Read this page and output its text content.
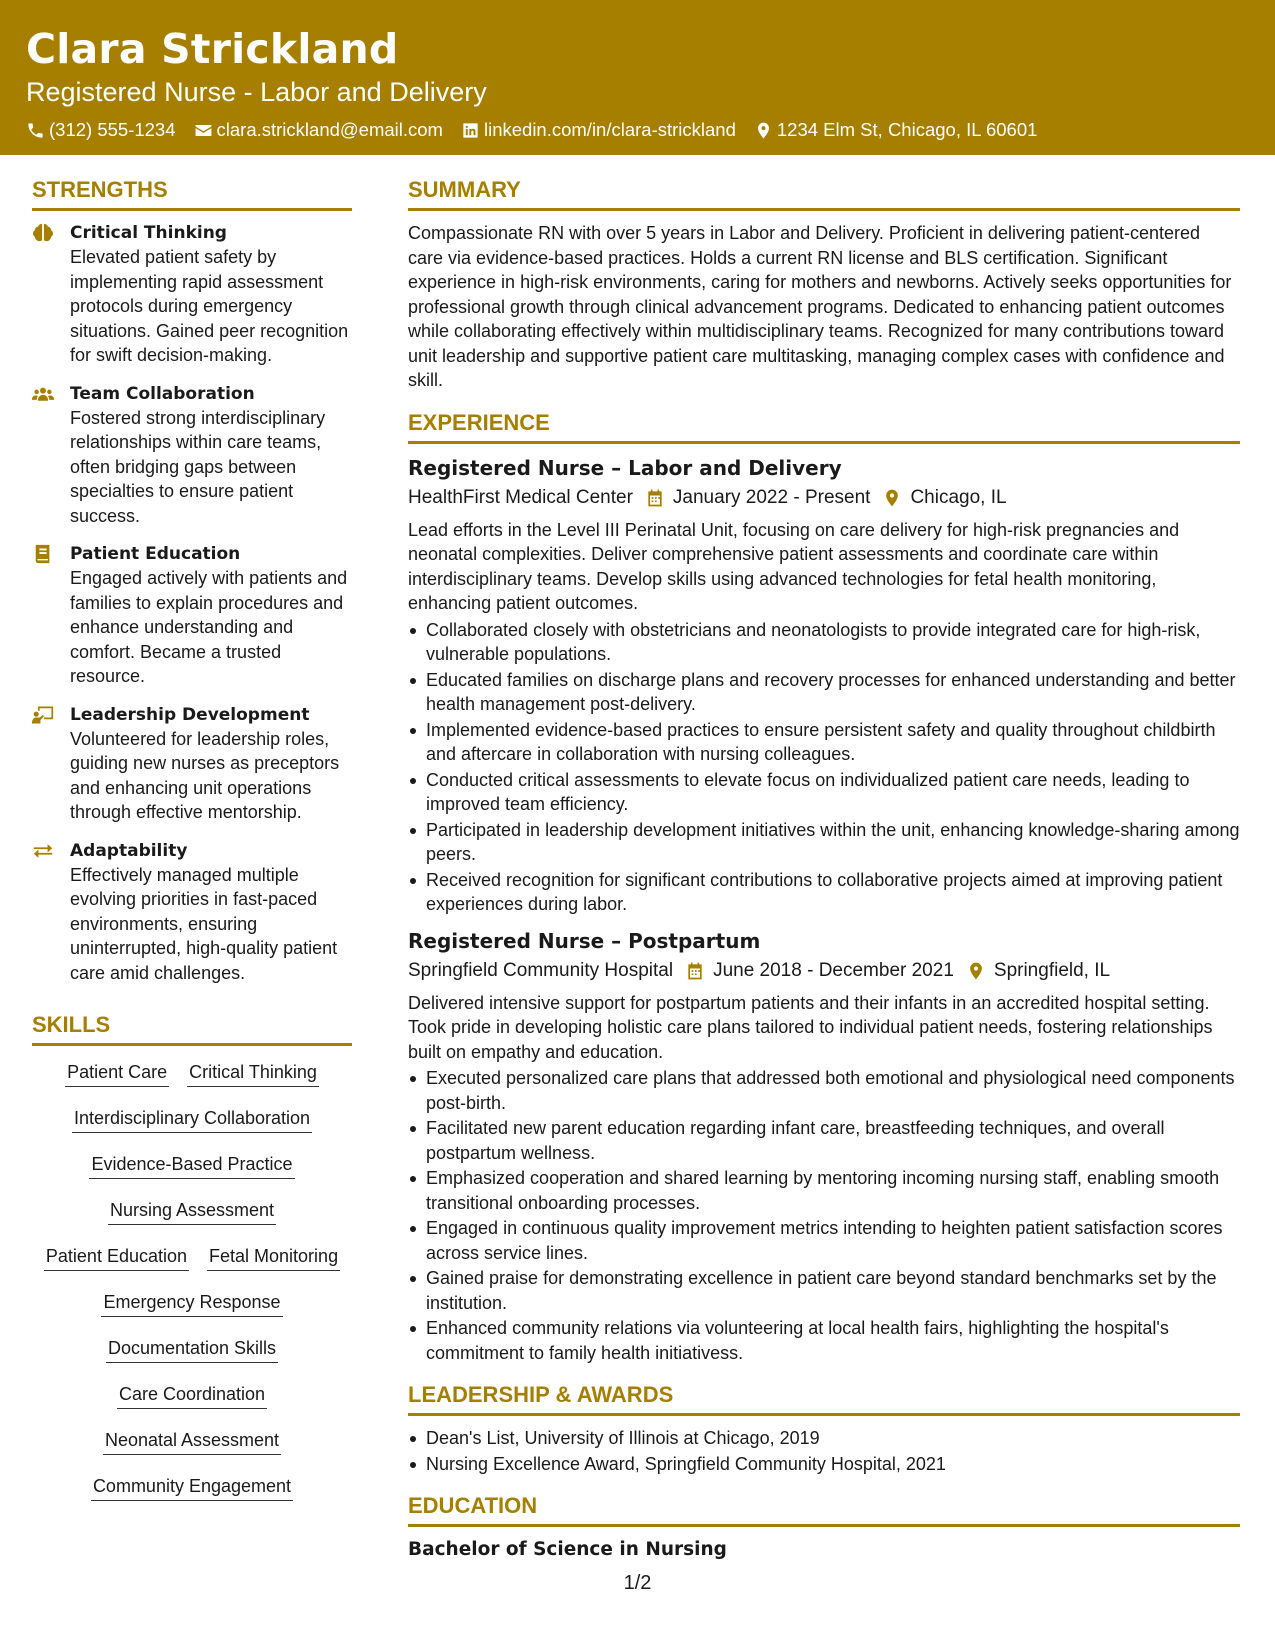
Clara Strickland
Registered Nurse - Labor and Delivery
(312) 555-1234 clara.strickland@email.com linkedin.com/in/clara-strickland 1234 Elm St, Chicago, IL 60601
STRENGTHS
Critical Thinking
Elevated patient safety by implementing rapid assessment protocols during emergency situations. Gained peer recognition for swift decision-making.
Team Collaboration
Fostered strong interdisciplinary relationships within care teams, often bridging gaps between specialties to ensure patient success.
Patient Education
Engaged actively with patients and families to explain procedures and enhance understanding and comfort. Became a trusted resource.
Leadership Development
Volunteered for leadership roles, guiding new nurses as preceptors and enhancing unit operations through effective mentorship.
Adaptability
Effectively managed multiple evolving priorities in fast-paced environments, ensuring uninterrupted, high-quality patient care amid challenges.
SKILLS
Patient Care Critical Thinking
Interdisciplinary Collaboration
Evidence-Based Practice
Nursing Assessment
Patient Education Fetal Monitoring
Emergency Response
Documentation Skills
Care Coordination
Neonatal Assessment
Community Engagement
SUMMARY
Compassionate RN with over 5 years in Labor and Delivery. Proficient in delivering patient-centered care via evidence-based practices. Holds a current RN license and BLS certification. Significant experience in high-risk environments, caring for mothers and newborns. Actively seeks opportunities for professional growth through clinical advancement programs. Dedicated to enhancing patient outcomes while collaborating effectively within multidisciplinary teams. Recognized for many contributions toward unit leadership and supportive patient care multitasking, managing complex cases with confidence and skill.
EXPERIENCE
Registered Nurse – Labor and Delivery
HealthFirst Medical Center January 2022 - Present Chicago, IL
Lead efforts in the Level III Perinatal Unit, focusing on care delivery for high-risk pregnancies and neonatal complexities. Deliver comprehensive patient assessments and coordinate care within interdisciplinary teams. Develop skills using advanced technologies for fetal health monitoring, enhancing patient outcomes.
Collaborated closely with obstetricians and neonatologists to provide integrated care for high-risk, vulnerable populations.
Educated families on discharge plans and recovery processes for enhanced understanding and better health management post-delivery.
Implemented evidence-based practices to ensure persistent safety and quality throughout childbirth and aftercare in collaboration with nursing colleagues.
Conducted critical assessments to elevate focus on individualized patient care needs, leading to improved team efficiency.
Participated in leadership development initiatives within the unit, enhancing knowledge-sharing among peers.
Received recognition for significant contributions to collaborative projects aimed at improving patient experiences during labor.
Registered Nurse – Postpartum
Springfield Community Hospital June 2018 - December 2021 Springfield, IL
Delivered intensive support for postpartum patients and their infants in an accredited hospital setting. Took pride in developing holistic care plans tailored to individual patient needs, fostering relationships built on empathy and education.
Executed personalized care plans that addressed both emotional and physiological need components post-birth.
Facilitated new parent education regarding infant care, breastfeeding techniques, and overall postpartum wellness.
Emphasized cooperation and shared learning by mentoring incoming nursing staff, enabling smooth transitional onboarding processes.
Engaged in continuous quality improvement metrics intending to heighten patient satisfaction scores across service lines.
Gained praise for demonstrating excellence in patient care beyond standard benchmarks set by the institution.
Enhanced community relations via volunteering at local health fairs, highlighting the hospital's commitment to family health initiativess.
LEADERSHIP & AWARDS
Dean's List, University of Illinois at Chicago, 2019
Nursing Excellence Award, Springfield Community Hospital, 2021
EDUCATION
Bachelor of Science in Nursing
1/2
